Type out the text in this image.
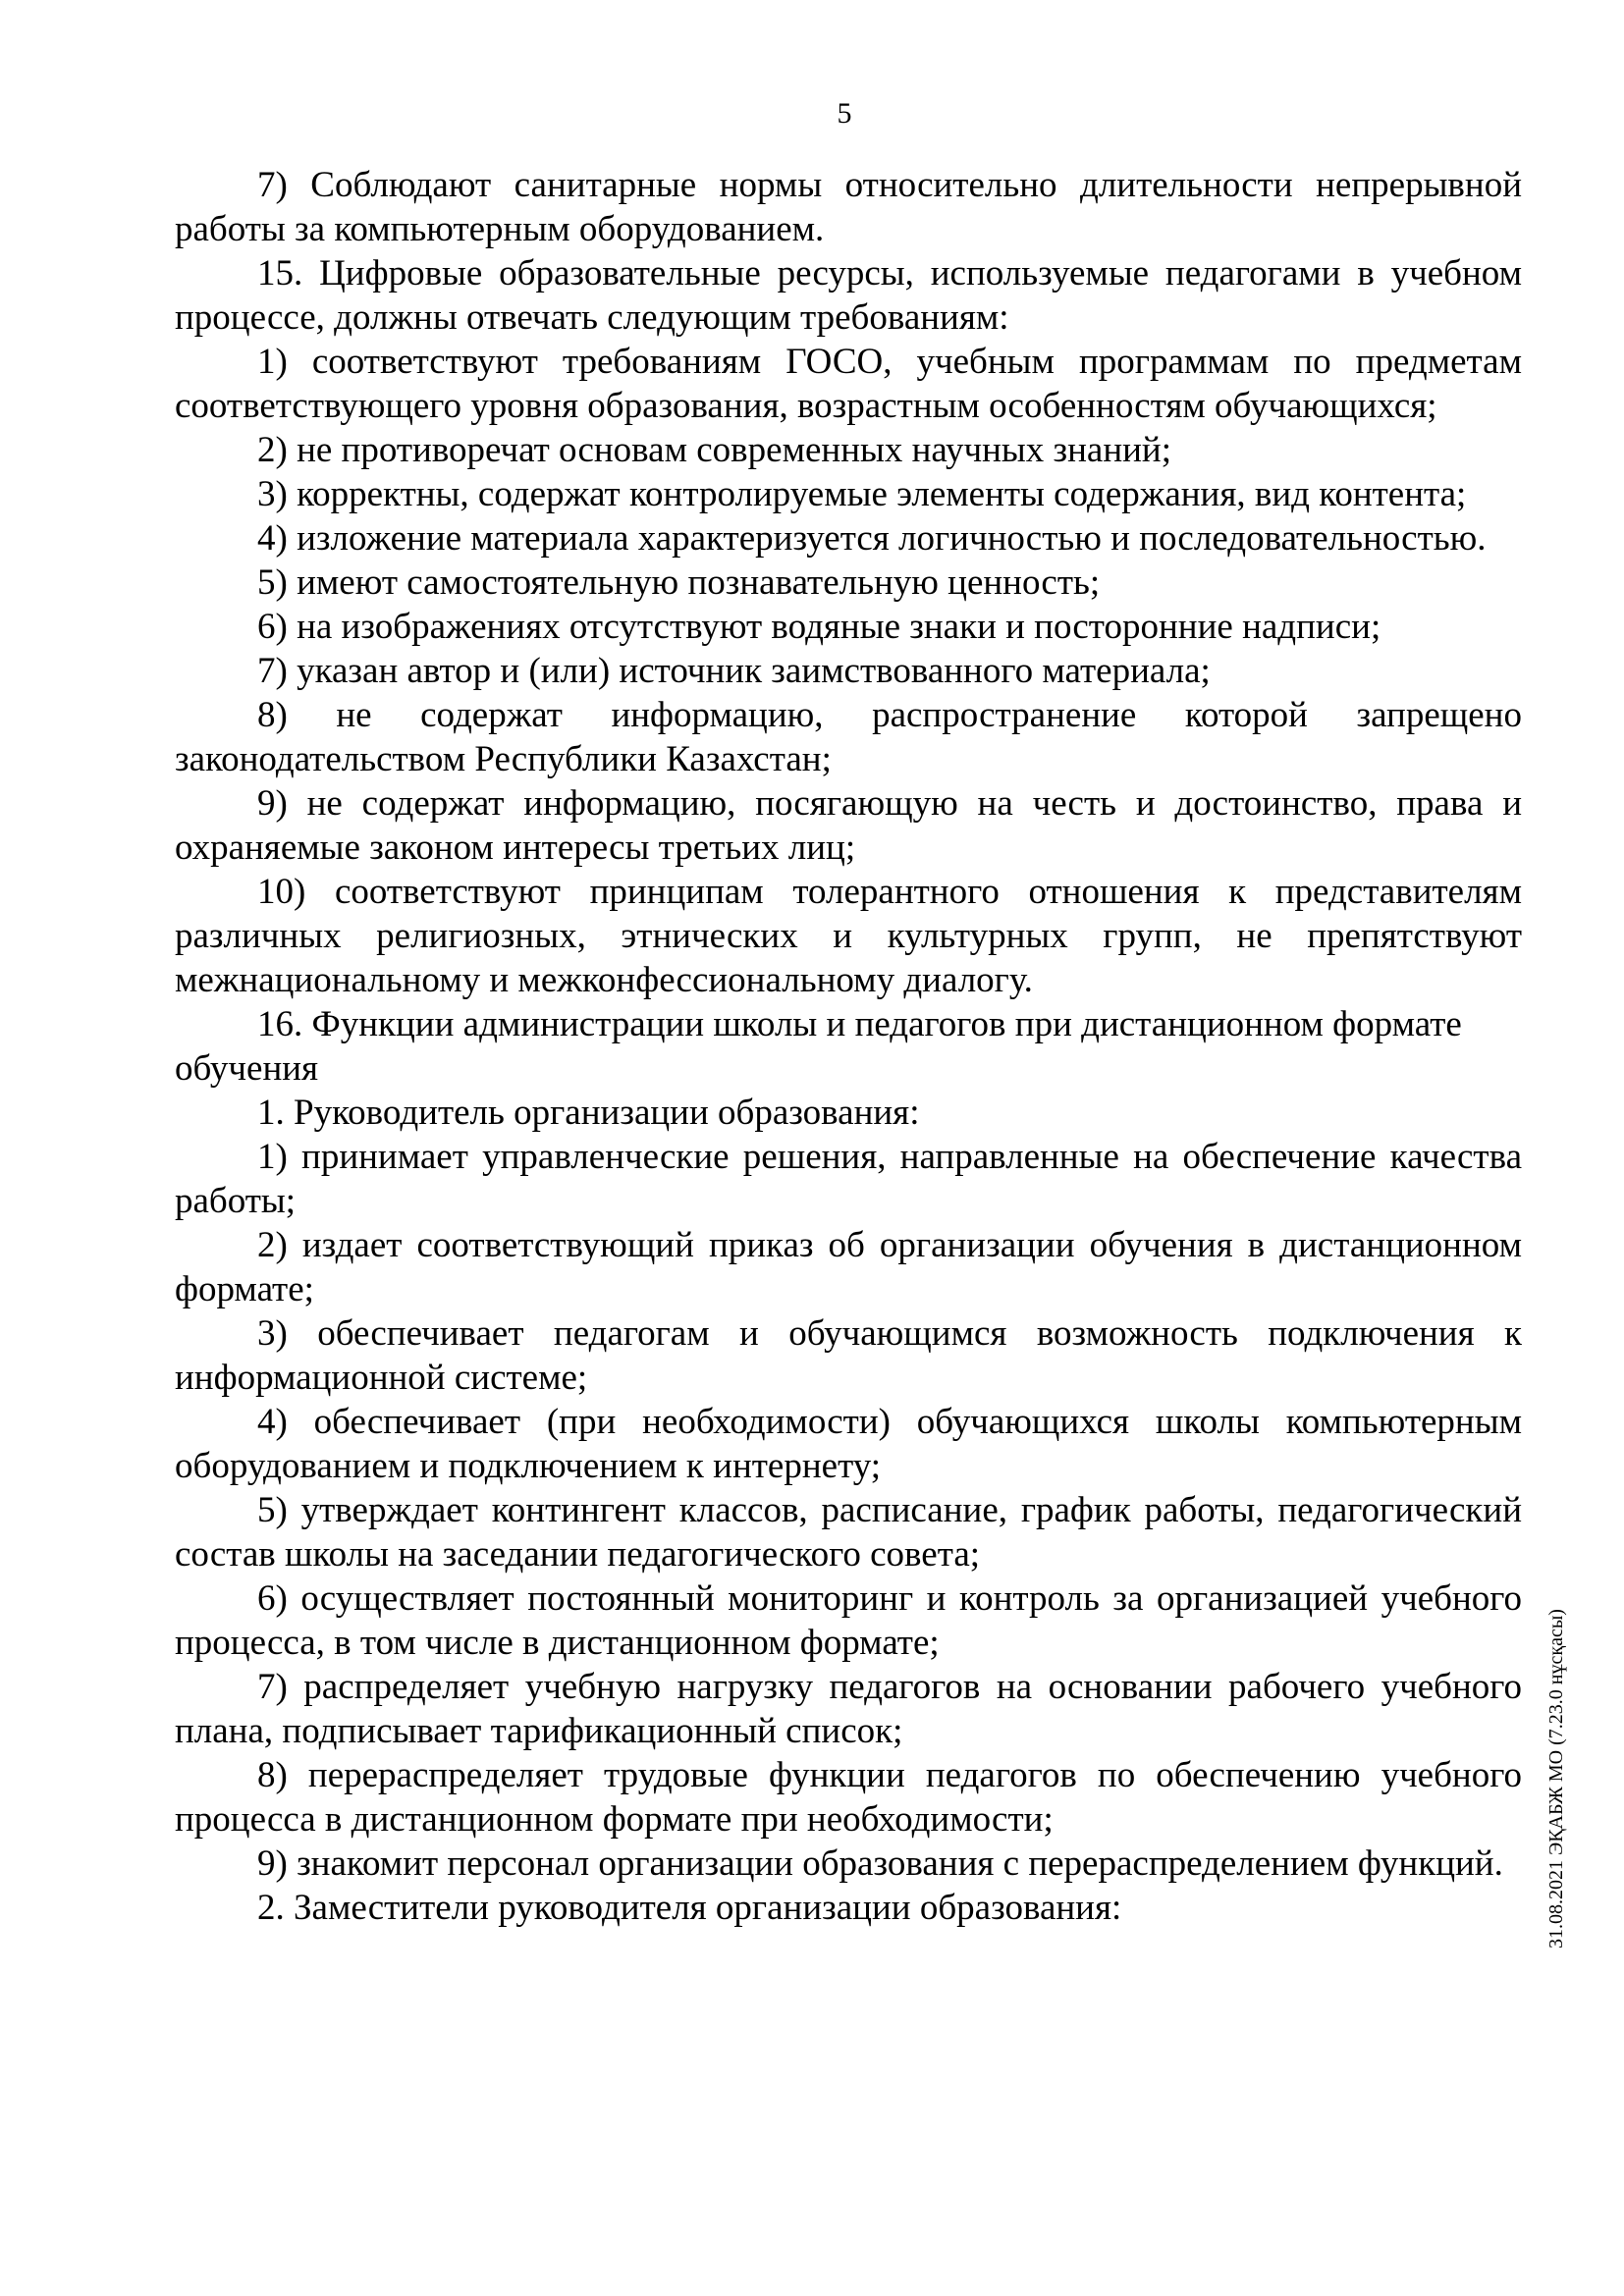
5

7) Соблюдают санитарные нормы относительно длительности непрерывной работы за компьютерным оборудованием.

15. Цифровые образовательные ресурсы, используемые педагогами в учебном процессе, должны отвечать следующим требованиям:

1) соответствуют требованиям ГОСО, учебным программам по предметам соответствующего уровня образования, возрастным особенностям обучающихся;

2) не противоречат основам современных научных знаний;

3) корректны, содержат контролируемые элементы содержания, вид контента;

4) изложение материала характеризуется логичностью и последовательностью.

5) имеют самостоятельную познавательную ценность;

6) на изображениях отсутствуют водяные знаки и посторонние надписи;

7) указан автор и (или) источник заимствованного материала;

8) не содержат информацию, распространение которой запрещено законодательством Республики Казахстан;

9) не содержат информацию, посягающую на честь и достоинство, права и охраняемые законом интересы третьих лиц;

10) соответствуют принципам толерантного отношения к представителям различных религиозных, этнических и культурных групп, не препятствуют межнациональному и межконфессиональному диалогу.

16. Функции администрации школы и педагогов при дистанционном формате обучения

1. Руководитель организации образования:

1) принимает управленческие решения, направленные на обеспечение качества работы;

2) издает соответствующий приказ об организации обучения в дистанционном формате;

3) обеспечивает педагогам и обучающимся возможность подключения к информационной системе;

4) обеспечивает (при необходимости) обучающихся школы компьютерным оборудованием и подключением к интернету;

5) утверждает контингент классов, расписание, график работы, педагогический состав школы на заседании педагогического совета;

6) осуществляет постоянный мониторинг и контроль за организацией учебного процесса, в том числе в дистанционном формате;

7) распределяет учебную нагрузку педагогов на основании рабочего учебного плана, подписывает тарификационный список;

8) перераспределяет трудовые функции педагогов по обеспечению учебного процесса в дистанционном формате при необходимости;

9) знакомит персонал организации образования с перераспределением функций.

2. Заместители руководителя организации образования:	31.08.2021 ЭҚАБЖ МО (7.23.0 нұсқасы)
